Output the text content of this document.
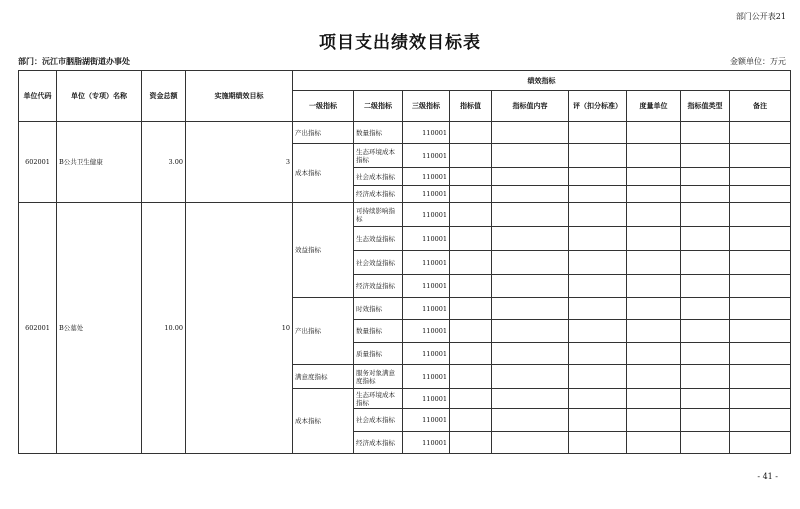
部门公开表21
项目支出绩效目标表
部门：沅江市胭脂湖街道办事处	金额单位：万元
单位代码	单位（专项）名称	资金总额	实施期绩效目标	绩效指标								
				一级指标	二级指标	三级指标	指标值	指标值内容	评（扣分标准）	度量单位	指标值类型	备注
602001	B公共卫生健康	3.00	3	产出指标	数量指标	110001						
				成本指标	生态环境成本指标	110001						
					社会成本指标	110001						
					经济成本指标	110001						
602001	B公墓处	10.00	10	效益指标	可持续影响指标	110001						
					生态效益指标	110001						
					社会效益指标	110001						
					经济效益指标	110001						
				产出指标	时效指标	110001						
					数量指标	110001						
					质量指标	110001						
				满意度指标	服务对象满意度指标	110001						
				成本指标	生态环境成本指标	110001						
					社会成本指标	110001						
					经济成本指标	110001						
- 41 -
